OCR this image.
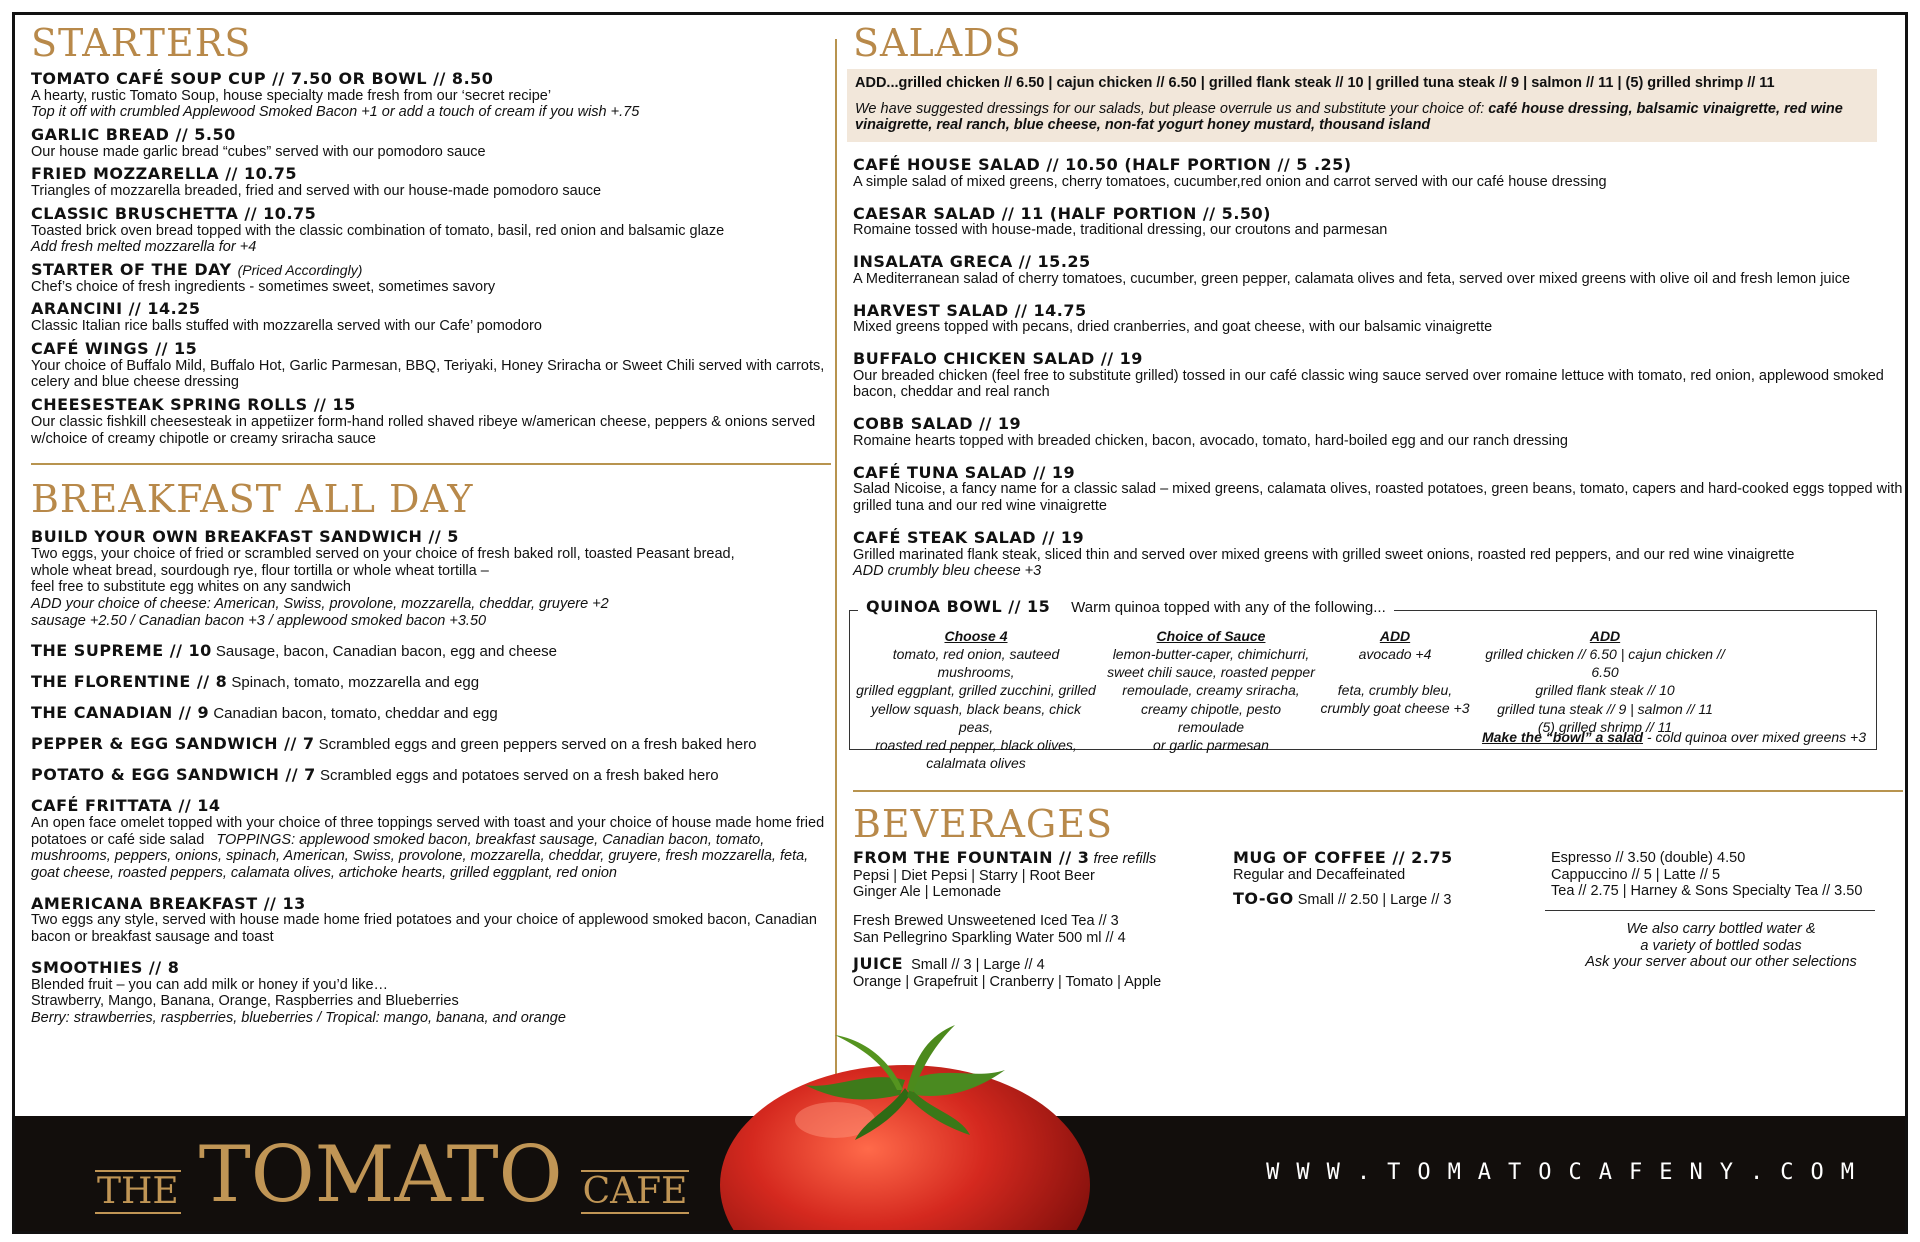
STARTERS
TOMATO CAFÉ SOUP CUP // 7.50 OR BOWL // 8.50
A hearty, rustic Tomato Soup, house specialty made fresh from our ‘secret recipe’
Top it off with crumbled Applewood Smoked Bacon +1 or add a touch of cream if you wish +.75
GARLIC BREAD // 5.50
Our house made garlic bread “cubes” served with our pomodoro sauce
FRIED MOZZARELLA // 10.75
Triangles of mozzarella breaded, fried and served with our house-made pomodoro sauce
CLASSIC BRUSCHETTA // 10.75
Toasted brick oven bread topped with the classic combination of tomato, basil, red onion and balsamic glaze
Add fresh melted mozzarella for +4
STARTER OF THE DAY (Priced Accordingly)
Chef’s choice of fresh ingredients - sometimes sweet, sometimes savory
ARANCINI // 14.25
Classic Italian rice balls stuffed with mozzarella served with our Cafe’ pomodoro
CAFÉ WINGS // 15
Your choice of Buffalo Mild, Buffalo Hot, Garlic Parmesan, BBQ, Teriyaki, Honey Sriracha or Sweet Chili served with carrots, celery and blue cheese dressing
CHEESESTEAK SPRING ROLLS // 15
Our classic fishkill cheesesteak in appetiizer form-hand rolled shaved ribeye w/american cheese, peppers & onions served w/choice of creamy chipotle or creamy sriracha sauce
BREAKFAST ALL DAY
BUILD YOUR OWN BREAKFAST SANDWICH // 5
Two eggs, your choice of fried or scrambled served on your choice of fresh baked roll, toasted Peasant bread,
whole wheat bread, sourdough rye, flour tortilla or whole wheat tortilla –
feel free to substitute egg whites on any sandwich
ADD your choice of cheese: American, Swiss, provolone, mozzarella, cheddar, gruyere +2
sausage +2.50 / Canadian bacon +3 / applewood smoked bacon +3.50
THE SUPREME // 10 Sausage, bacon, Canadian bacon, egg and cheese
THE FLORENTINE // 8 Spinach, tomato, mozzarella and egg
THE CANADIAN // 9 Canadian bacon, tomato, cheddar and egg
PEPPER & EGG SANDWICH // 7 Scrambled eggs and green peppers served on a fresh baked hero
POTATO & EGG SANDWICH // 7 Scrambled eggs and potatoes served on a fresh baked hero
CAFÉ FRITTATA // 14
An open face omelet topped with your choice of three toppings served with toast and your choice of house made home fried potatoes or café side salad TOPPINGS: applewood smoked bacon, breakfast sausage, Canadian bacon, tomato, mushrooms, peppers, onions, spinach, American, Swiss, provolone, mozzarella, cheddar, gruyere, fresh mozzarella, feta, goat cheese, roasted peppers, calamata olives, artichoke hearts, grilled eggplant, red onion
AMERICANA BREAKFAST // 13
Two eggs any style, served with house made home fried potatoes and your choice of applewood smoked bacon, Canadian bacon or breakfast sausage and toast
SMOOTHIES // 8
Blended fruit – you can add milk or honey if you’d like…
Strawberry, Mango, Banana, Orange, Raspberries and Blueberries
Berry: strawberries, raspberries, blueberries / Tropical: mango, banana, and orange
SALADS
ADD...grilled chicken // 6.50 | cajun chicken // 6.50 | grilled flank steak // 10 | grilled tuna steak // 9 | salmon // 11 | (5) grilled shrimp // 11
We have suggested dressings for our salads, but please overrule us and substitute your choice of: café house dressing, balsamic vinaigrette, red wine vinaigrette, real ranch, blue cheese, non-fat yogurt honey mustard, thousand island
CAFÉ HOUSE SALAD // 10.50 (HALF PORTION // 5 .25)
A simple salad of mixed greens, cherry tomatoes, cucumber,red onion and carrot served with our café house dressing
CAESAR SALAD // 11 (HALF PORTION // 5.50)
Romaine tossed with house-made, traditional dressing, our croutons and parmesan
INSALATA GRECA // 15.25
A Mediterranean salad of cherry tomatoes, cucumber, green pepper, calamata olives and feta, served over mixed greens with olive oil and fresh lemon juice
HARVEST SALAD // 14.75
Mixed greens topped with pecans, dried cranberries, and goat cheese, with our balsamic vinaigrette
BUFFALO CHICKEN SALAD // 19
Our breaded chicken (feel free to substitute grilled) tossed in our café classic wing sauce served over romaine lettuce with tomato, red onion, applewood smoked bacon, cheddar and real ranch
COBB SALAD // 19
Romaine hearts topped with breaded chicken, bacon, avocado, tomato, hard-boiled egg and our ranch dressing
CAFÉ TUNA SALAD // 19
Salad Nicoise, a fancy name for a classic salad – mixed greens, calamata olives, roasted potatoes, green beans, tomato, capers and hard-cooked eggs topped with grilled tuna and our red wine vinaigrette
CAFÉ STEAK SALAD // 19
Grilled marinated flank steak, sliced thin and served over mixed greens with grilled sweet onions, roasted red peppers, and our red wine vinaigrette
ADD crumbly bleu cheese +3
QUINOA BOWL // 15 Warm quinoa topped with any of the following...
Choose 4
tomato, red onion, sauteed mushrooms,
grilled eggplant, grilled zucchini, grilled
yellow squash, black beans, chick peas,
roasted red pepper, black olives,
calalmata olives
Choice of Sauce
lemon-butter-caper, chimichurri,
sweet chili sauce, roasted pepper
remoulade, creamy sriracha,
creamy chipotle, pesto remoulade
or garlic parmesan
ADD
avocado +4
feta, crumbly bleu,
crumbly goat cheese +3
ADD
grilled chicken // 6.50 | cajun chicken // 6.50
grilled flank steak // 10
grilled tuna steak // 9 | salmon // 11
(5) grilled shrimp // 11
Make the “bowl” a salad - cold quinoa over mixed greens +3
BEVERAGES
FROM THE FOUNTAIN // 3 free refills
Pepsi | Diet Pepsi | Starry | Root Beer
Ginger Ale | Lemonade
Fresh Brewed Unsweetened Iced Tea // 3
San Pellegrino Sparkling Water 500 ml // 4
JUICE Small // 3 | Large // 4
Orange | Grapefruit | Cranberry | Tomato | Apple
MUG OF COFFEE // 2.75
Regular and Decaffeinated
TO-GO Small // 2.50 | Large // 3
Espresso // 3.50 (double) 4.50
Cappuccino // 5 | Latte // 5
Tea // 2.75 | Harney & Sons Specialty Tea // 3.50
We also carry bottled water &
a variety of bottled sodas
Ask your server about our other selections
THE TOMATO CAFE	WWW.TOMATOCAFENY.COM
